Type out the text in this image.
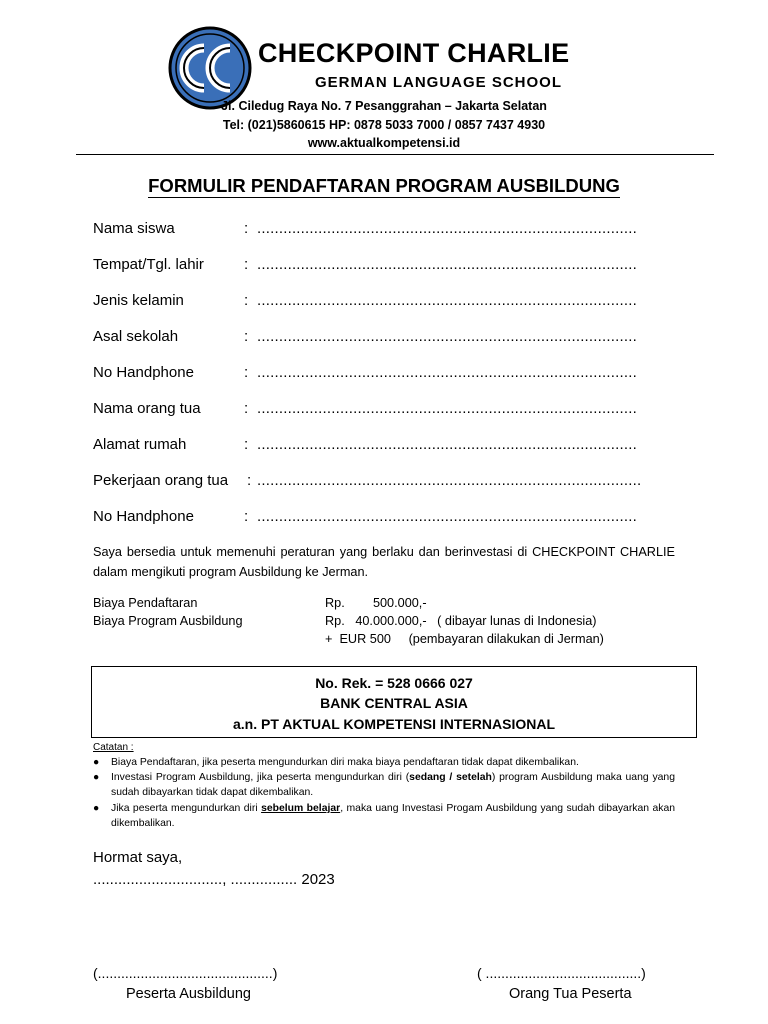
CHECKPOINT CHARLIE
GERMAN LANGUAGE SCHOOL
Jl. Ciledug Raya No. 7 Pesanggrahan – Jakarta Selatan
Tel: (021)5860615 HP: 0878 5033 7000 / 0857 7437 4930
www.aktualkompetensi.id
FORMULIR PENDAFTARAN PROGRAM AUSBILDUNG
Nama siswa	: .......................................................................................
Tempat/Tgl. lahir	: .......................................................................................
Jenis kelamin	: .......................................................................................
Asal sekolah	: .......................................................................................
No Handphone	: .......................................................................................
Nama orang tua	: .......................................................................................
Alamat rumah	: .......................................................................................
Pekerjaan orang tua : ........................................................................................
No Handphone	: .......................................................................................
Saya bersedia untuk memenuhi peraturan yang berlaku dan berinvestasi di CHECKPOINT CHARLIE dalam mengikuti program Ausbildung ke Jerman.
Biaya Pendaftaran	Rp.        500.000,-
Biaya Program Ausbildung	Rp.   40.000.000,-   ( dibayar lunas di Indonesia)
+  EUR 500     (pembayaran dilakukan di Jerman)
No. Rek. = 528 0666 027
BANK CENTRAL ASIA
a.n. PT AKTUAL KOMPETENSI INTERNASIONAL
Catatan :
● Biaya Pendaftaran, jika peserta mengundurkan diri maka biaya pendaftaran tidak dapat dikembalikan.
● Investasi Program Ausbildung, jika peserta mengundurkan diri (sedang / setelah) program Ausbildung maka uang yang sudah dibayarkan tidak dapat dikembalikan.
● Jika peserta mengundurkan diri sebelum belajar, maka uang Investasi Progam Ausbildung yang sudah dibayarkan akan dikembalikan.
Hormat saya,
..............................., ................ 2023
(.............................................)	( ........................................)
Peserta Ausbildung	Orang Tua Peserta
